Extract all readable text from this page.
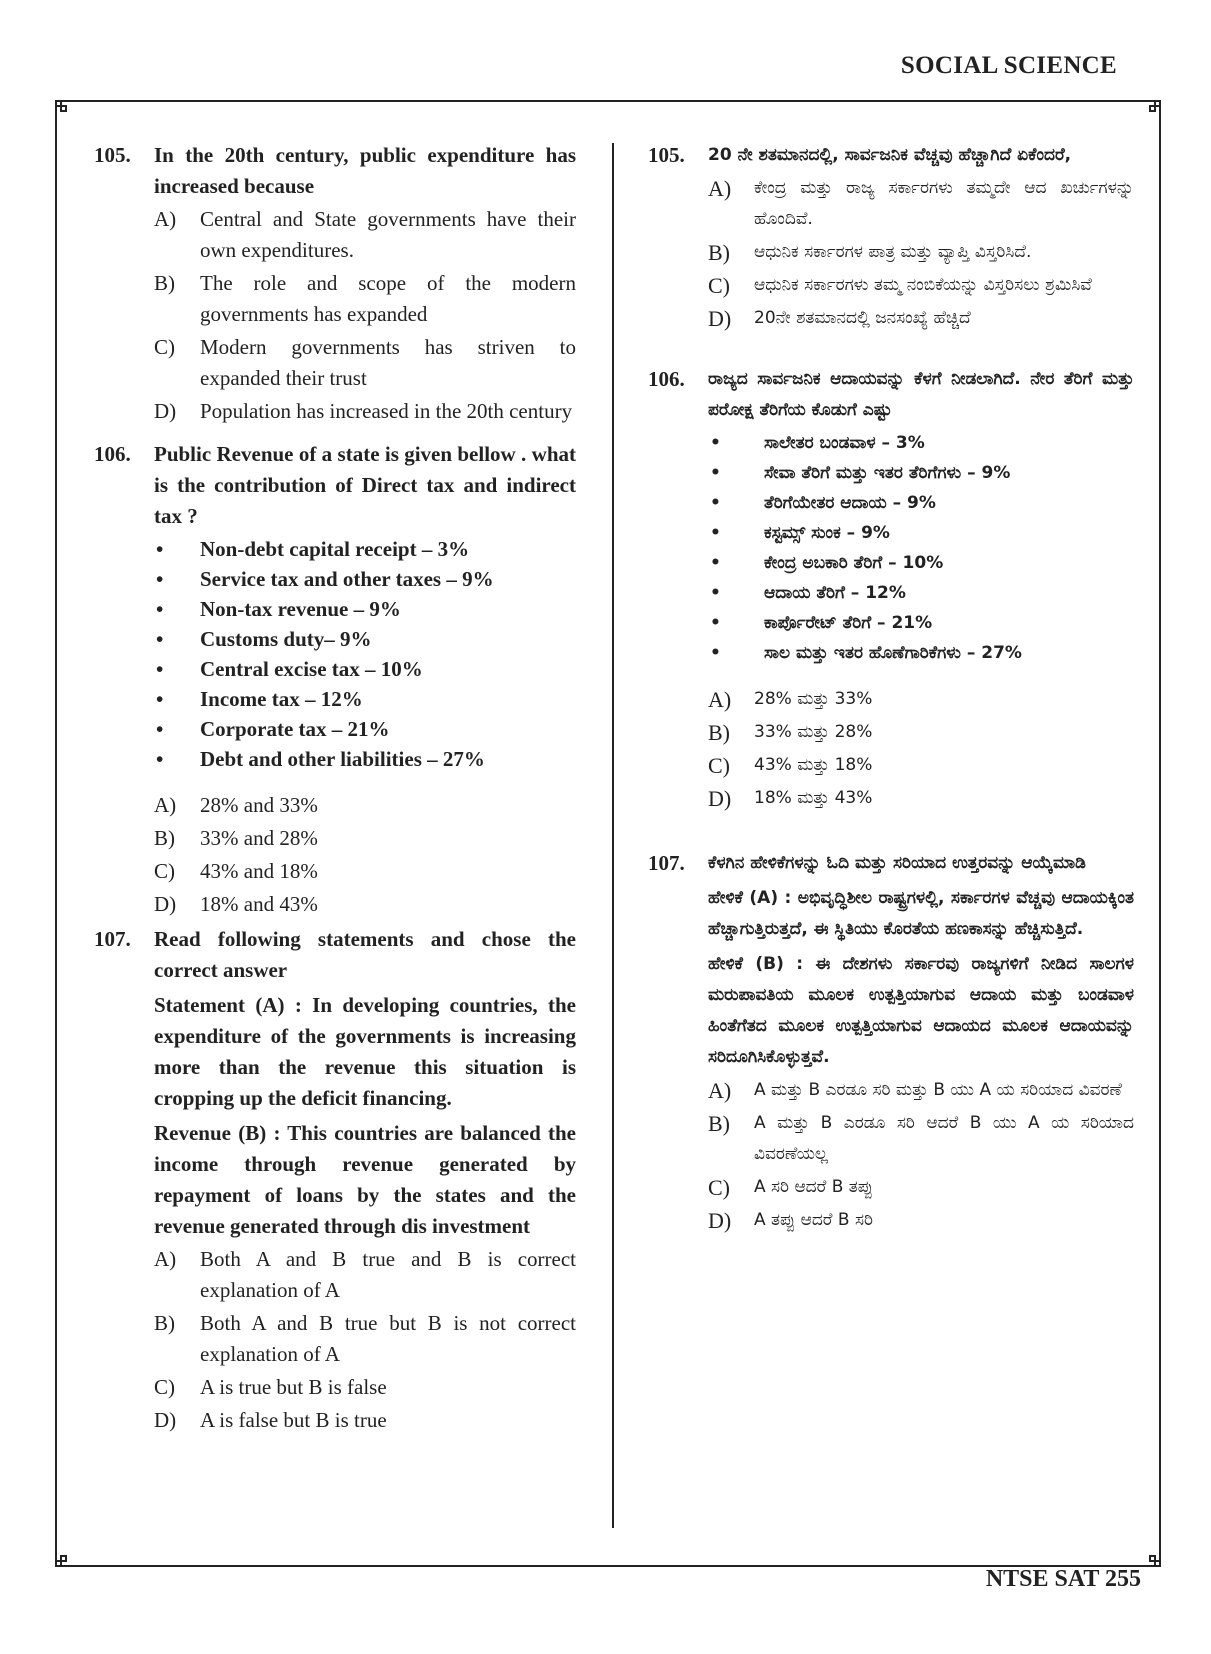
SOCIAL SCIENCE
105. In the 20th century, public expenditure has increased because
A) Central and State governments have their own expenditures.
B) The role and scope of the modern governments has expanded
C) Modern governments has striven to expanded their trust
D) Population has increased in the 20th century
106. Public Revenue of a state is given bellow . what is the contribution of Direct tax and indirect tax ?
• Non-debt capital receipt – 3%
• Service tax and other taxes – 9%
• Non-tax revenue – 9%
• Customs duty– 9%
• Central excise tax – 10%
• Income tax – 12%
• Corporate tax – 21%
• Debt and other liabilities – 27%
A) 28% and 33%
B) 33% and 28%
C) 43% and 18%
D) 18% and 43%
107. Read following statements and chose the correct answer
Statement (A) : In developing countries, the expenditure of the governments is increasing more than the revenue this situation is cropping up the deficit financing.
Revenue (B) : This countries are balanced the income through revenue generated by repayment of loans by the states and the revenue generated through dis investment
A) Both A and B true and B is correct explanation of A
B) Both A and B true but B is not correct explanation of A
C) A is true but B is false
D) A is false but B is true
105. 20 ನೇ ಶತಮಾನದಲ್ಲಿ, ಸಾರ್ವಜನಿಕ ವೆಚ್ಚವು ಹೆಚ್ಚಾಗಿದೆ ಏಕೆಂದರೆ,
A) ಕೇಂದ್ರ ಮತ್ತು ರಾಜ್ಯ ಸರ್ಕಾರಗಳು ತಮ್ಮದೇ ಆದ ಖರ್ಚುಗಳನ್ನು ಹೊಂದಿವೆ.
B) ಆಧುನಿಕ ಸರ್ಕಾರಗಳ ಪಾತ್ರ ಮತ್ತು ವ್ಯಾಪ್ತಿ ವಿಸ್ತರಿಸಿದೆ.
C) ಆಧುನಿಕ ಸರ್ಕಾರಗಳು ತಮ್ಮ ನಂಬಿಕೆಯನ್ನು ವಿಸ್ತರಿಸಲು ಶ್ರಮಿಸಿವೆ
D) 20ನೇ ಶತಮಾನದಲ್ಲಿ ಜನಸಂಖ್ಯೆ ಹೆಚ್ಚಿದೆ
106. ರಾಜ್ಯದ ಸಾರ್ವಜನಿಕ ಆದಾಯವನ್ನು ಕೆಳಗೆ ನೀಡಲಾಗಿದೆ. ನೇರ ತೆರಿಗೆ ಮತ್ತು ಪರೋಕ್ಷ ತೆರಿಗೆಯ ಕೊಡುಗೆ ಎಷ್ಟು
• ಸಾಲೇತರ ಬಂಡವಾಳ – 3%
• ಸೇವಾ ತೆರಿಗೆ ಮತ್ತು ಇತರ ತೆರಿಗೆಗಳು – 9%
• ತೆರಿಗೆಯೇತರ ಆದಾಯ – 9%
• ಕಸ್ಟಮ್ಸ್ ಸುಂಕ – 9%
• ಕೇಂದ್ರ ಅಬಕಾರಿ ತೆರಿಗೆ – 10%
• ಆದಾಯ ತೆರಿಗೆ – 12%
• ಕಾರ್ಪೊರೇಟ್ ತೆರಿಗೆ – 21%
• ಸಾಲ ಮತ್ತು ಇತರ ಹೊಣೆಗಾರಿಕೆಗಳು – 27%
A) 28% ಮತ್ತು 33%
B) 33% ಮತ್ತು 28%
C) 43% ಮತ್ತು 18%
D) 18% ಮತ್ತು 43%
107. ಕೆಳಗಿನ ಹೇಳಿಕೆಗಳನ್ನು ಓದಿ ಮತ್ತು ಸರಿಯಾದ ಉತ್ತರವನ್ನು ಆಯ್ಕೆಮಾಡಿ
ಹೇಳಿಕೆ (A) : ಅಭಿವೃದ್ಧಿಶೀಲ ರಾಷ್ಟ್ರಗಳಲ್ಲಿ, ಸರ್ಕಾರಗಳ ವೆಚ್ಚವು ಆದಾಯಕ್ಕಿಂತ ಹೆಚ್ಚಾಗುತ್ತಿರುತ್ತದೆ, ಈ ಸ್ಥಿತಿಯು ಕೊರತೆಯ ಹಣಕಾಸನ್ನು ಹೆಚ್ಚಿಸುತ್ತಿದೆ.
ಹೇಳಿಕೆ (B) : ಈ ದೇಶಗಳು ಸರ್ಕಾರವು ರಾಜ್ಯಗಳಿಗೆ ನೀಡಿದ ಸಾಲಗಳ ಮರುಪಾವತಿಯ ಮೂಲಕ ಉತ್ಪತ್ತಿಯಾಗುವ ಆದಾಯ ಮತ್ತು ಬಂಡವಾಳ ಹಿಂತೆಗೆತದ ಮೂಲಕ ಉತ್ಪತ್ತಿಯಾಗುವ ಆದಾಯದ ಮೂಲಕ ಆದಾಯವನ್ನು ಸರಿದೂಗಿಸಿಕೊಳ್ಳುತ್ತವೆ.
A) A ಮತ್ತು B ಎರಡೂ ಸರಿ ಮತ್ತು B ಯು A ಯ ಸರಿಯಾದ ವಿವರಣೆ
B) A ಮತ್ತು B ಎರಡೂ ಸರಿ ಆದರೆ B ಯು A ಯ ಸರಿಯಾದ ವಿವರಣೆಯಲ್ಲ
C) A ಸರಿ ಆದರೆ B ತಪ್ಪು
D) A ತಪ್ಪು ಆದರೆ B ಸರಿ
NTSE SAT 255
